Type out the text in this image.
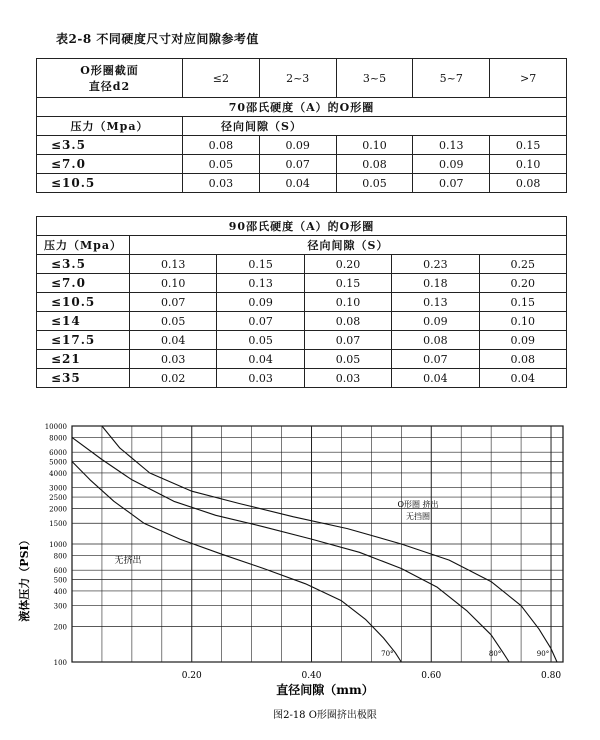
表2-8 不同硬度尺寸对应间隙参考值
O形圈截面
直径d2	≤2	2~3	3~5	5~7	>7
70邵氏硬度（A）的O形圈					
压力（Mpa）	径向间隙（S）				
≤3.5	0.08	0.09	0.10	0.13	0.15
≤7.0	0.05	0.07	0.08	0.09	0.10
≤10.5	0.03	0.04	0.05	0.07	0.08
90邵氏硬度（A）的O形圈					
压力（Mpa）	径向间隙（S）				
≤3.5	0.13	0.15	0.20	0.23	0.25
≤7.0	0.10	0.13	0.15	0.18	0.20
≤10.5	0.07	0.09	0.10	0.13	0.15
≤14	0.05	0.07	0.08	0.09	0.10
≤17.5	0.04	0.05	0.07	0.08	0.09
≤21	0.03	0.04	0.05	0.07	0.08
≤35	0.02	0.03	0.03	0.04	0.04
10000
8000
6000
5000
4000
3000
2500
2000
1500
1000
800
600
500
400
300
200
100
0.20	0.40	0.60	0.80
70°	80°	90°
直径间隙（mm）
液体压力（PSI）
图2-18 O形圈挤出极限
O形圈 挤出
无挡圈
无挤出
